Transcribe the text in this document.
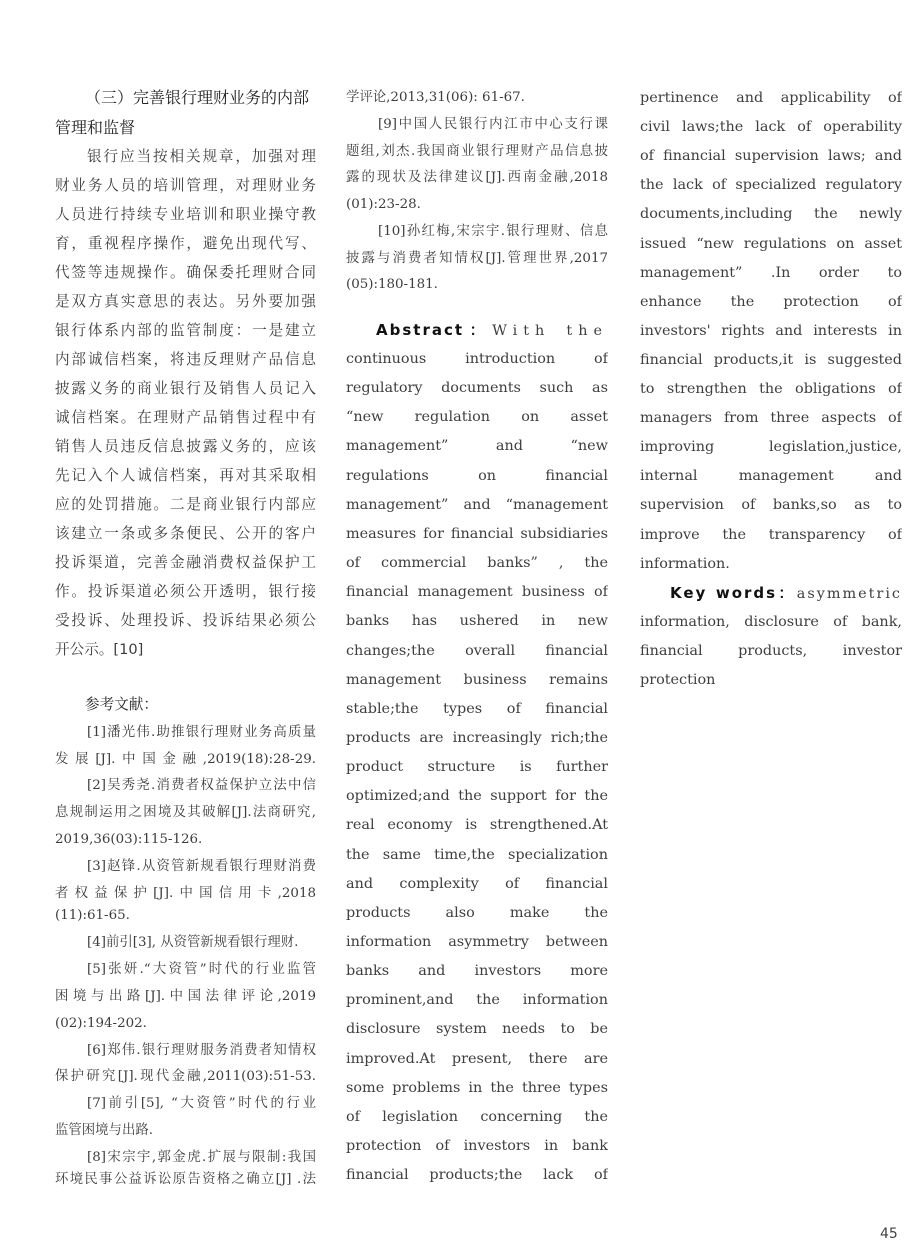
（三）完善银行理财业务的内部
管理和监督
银行应当按相关规章，加强对理
财业务人员的培训管理，对理财业务
人员进行持续专业培训和职业操守教
育，重视程序操作，避免出现代写、
代签等违规操作。确保委托理财合同
是双方真实意思的表达。另外要加强
银行体系内部的监管制度：一是建立
内部诚信档案，将违反理财产品信息
披露义务的商业银行及销售人员记入
诚信档案。在理财产品销售过程中有
销售人员违反信息披露义务的，应该
先记入个人诚信档案，再对其采取相
应的处罚措施。二是商业银行内部应
该建立一条或多条便民、公开的客户
投诉渠道，完善金融消费权益保护工
作。投诉渠道必须公开透明，银行接
受投诉、处理投诉、投诉结果必须公
开公示。[10]
参考文献：
[1]潘光伟.助推银行理财业务高质量
发展[J].中国金融,2019(18):28-29.
[2]吴秀尧.消费者权益保护立法中信
息规制运用之困境及其破解[J].法商研究,
2019,36(03):115-126.
[3]赵锋.从资管新规看银行理财消费
者权益保护[J].中国信用卡,2018
(11):61-65.
[4]前引[3], 从资管新规看银行理财.
[5]张妍.“大资管”时代的行业监管
困境与出路[J].中国法律评论,2019
(02):194-202.
[6]郑伟.银行理财服务消费者知情权
保护研究[J].现代金融,2011(03):51-53.
[7]前引[5], “大资管”时代的行业
监管困境与出路.
[8]宋宗宇,郭金虎.扩展与限制:我国
环境民事公益诉讼原告资格之确立[J] .法
学评论,2013,31(06): 61-67.
[9]中国人民银行内江市中心支行课
题组,刘杰.我国商业银行理财产品信息披
露的现状及法律建议[J].西南金融,2018
(01):23-28.
[10]孙红梅,宋宗宇.银行理财、信息
披露与消费者知情权[J].管理世界,2017
(05):180-181.
Abstract：With the
continuous introduction of
regulatory documents such as
“new regulation on asset
management” and “new
regulations on financial
management” and “management
measures for financial subsidiaries
of commercial banks” , the
financial management business of
banks has ushered in new
changes;the overall financial
management business remains
stable;the types of financial
products are increasingly rich;the
product structure is further
optimized;and the support for the
real economy is strengthened.At
the same time,the specialization
and complexity of financial
products also make the
information asymmetry between
banks and investors more
prominent,and the information
disclosure system needs to be
improved.At present, there are
some problems in the three types
of legislation concerning the
protection of investors in bank
financial products;the lack of
pertinence and applicability of
civil laws;the lack of operability
of financial supervision laws; and
the lack of specialized regulatory
documents,including the newly
issued “new regulations on asset
management” .In order to
enhance the protection of
investors' rights and interests in
financial products,it is suggested
to strengthen the obligations of
managers from three aspects of
improving legislation,justice,
internal management and
supervision of banks,so as to
improve the transparency of
information.
Key words：asymmetric
information, disclosure of bank,
financial products, investor
protection
45
